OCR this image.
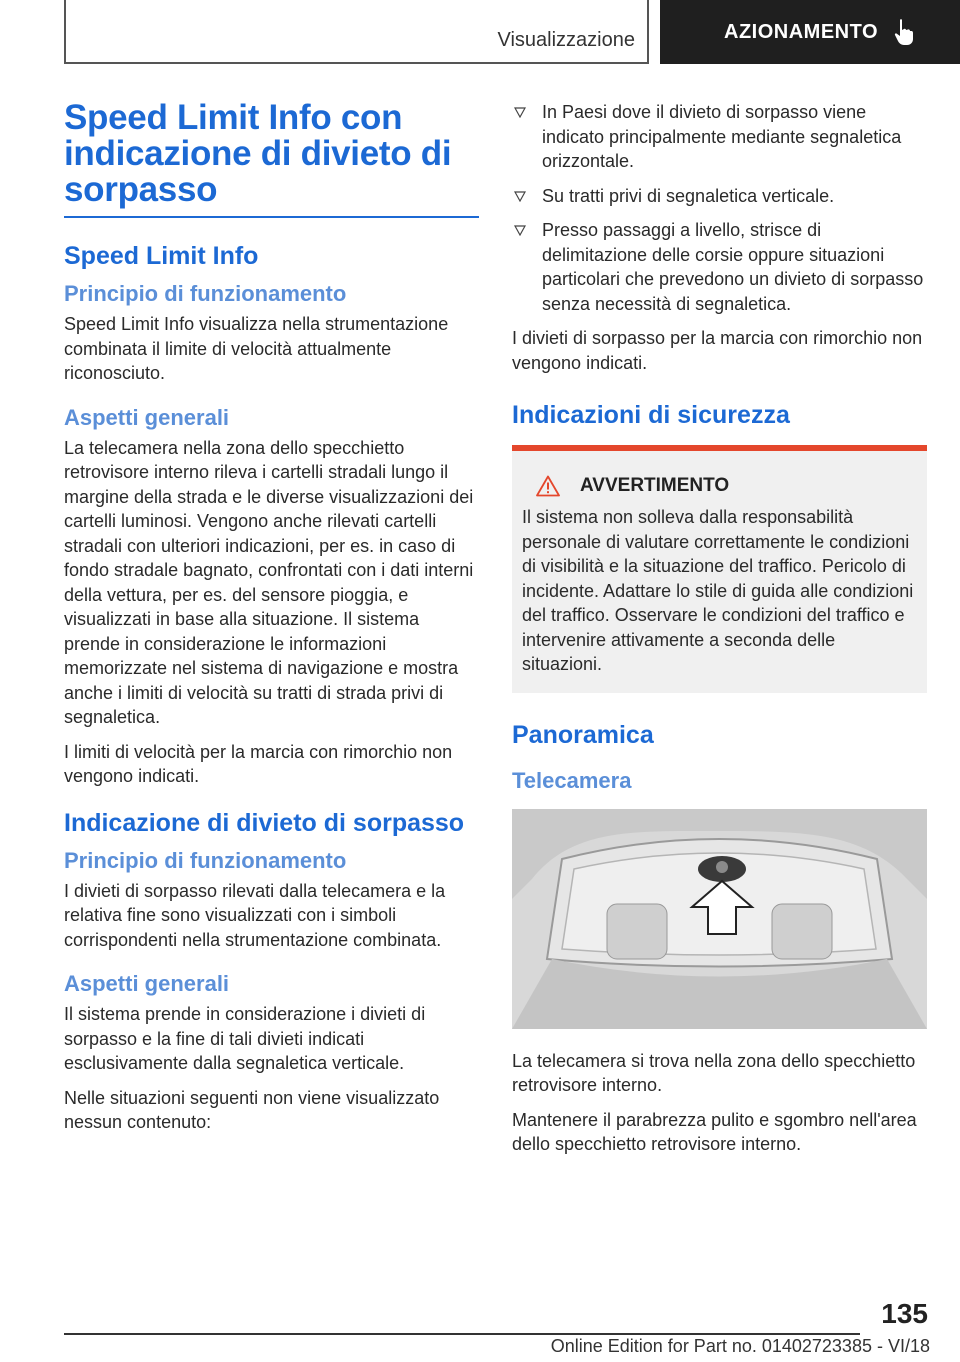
Visualizzazione	AZIONAMENTO
Speed Limit Info con indicazione di divieto di sorpasso
Speed Limit Info
Principio di funzionamento

Speed Limit Info visualizza nella strumentazione combinata il limite di velocità attualmente riconosciuto.

Aspetti generali

La telecamera nella zona dello specchietto retrovisore interno rileva i cartelli stradali lungo il margine della strada e le diverse visualizzazioni dei cartelli luminosi. Vengono anche rilevati cartelli stradali con ulteriori indicazioni, per es. in caso di fondo stradale bagnato, confrontati con i dati interni della vettura, per es. del sensore pioggia, e visualizzati in base alla situazione. Il sistema prende in considerazione le informazioni memorizzate nel sistema di navigazione e mostra anche i limiti di velocità su tratti di strada privi di segnaletica.

I limiti di velocità per la marcia con rimorchio non vengono indicati.

Indicazione di divieto di sorpasso
Principio di funzionamento

I divieti di sorpasso rilevati dalla telecamera e la relativa fine sono visualizzati con i simboli corrispondenti nella strumentazione combinata.

Aspetti generali

Il sistema prende in considerazione i divieti di sorpasso e la fine di tali divieti indicati esclusivamente dalla segnaletica verticale.

Nelle situazioni seguenti non viene visualizzato nessun contenuto:

In Paesi dove il divieto di sorpasso viene indicato principalmente mediante segnaletica orizzontale.
Su tratti privi di segnaletica verticale.
Presso passaggi a livello, strisce di delimitazione delle corsie oppure situazioni particolari che prevedono un divieto di sorpasso senza necessità di segnaletica.

I divieti di sorpasso per la marcia con rimorchio non vengono indicati.

Indicazioni di sicurezza
AVVERTIMENTO

Il sistema non solleva dalla responsabilità personale di valutare correttamente le condizioni di visibilità e la situazione del traffico. Pericolo di incidente. Adattare lo stile di guida alle condizioni del traffico. Osservare le condizioni del traffico e intervenire attivamente a seconda delle situazioni.

Panoramica
Telecamera

La telecamera si trova nella zona dello specchietto retrovisore interno.

Mantenere il parabrezza pulito e sgombro nell'area dello specchietto retrovisore interno.

135
Online Edition for Part no. 01402723385 - VI/18
